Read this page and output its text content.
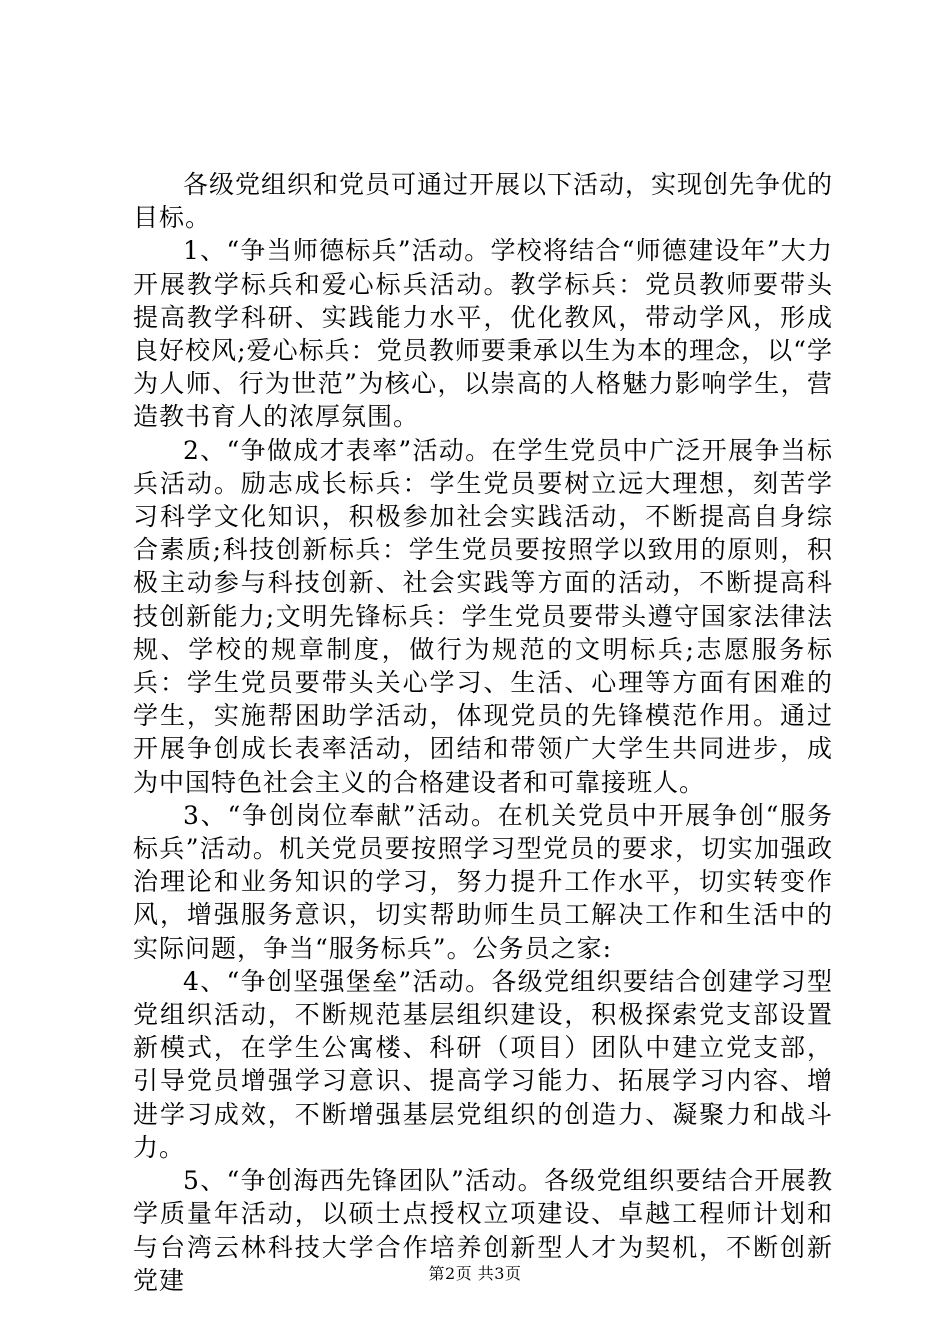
各级党组织和党员可通过开展以下活动，实现创先争优的目标。

1、“争当师德标兵”活动。学校将结合“师德建设年”大力开展教学标兵和爱心标兵活动。教学标兵：党员教师要带头提高教学科研、实践能力水平，优化教风，带动学风，形成良好校风;爱心标兵：党员教师要秉承以生为本的理念，以“学为人师、行为世范”为核心，以崇高的人格魅力影响学生，营造教书育人的浓厚氛围。

2、“争做成才表率”活动。在学生党员中广泛开展争当标兵活动。励志成长标兵：学生党员要树立远大理想，刻苦学习科学文化知识，积极参加社会实践活动，不断提高自身综合素质;科技创新标兵：学生党员要按照学以致用的原则，积极主动参与科技创新、社会实践等方面的活动，不断提高科技创新能力;文明先锋标兵：学生党员要带头遵守国家法律法规、学校的规章制度，做行为规范的文明标兵;志愿服务标兵：学生党员要带头关心学习、生活、心理等方面有困难的学生，实施帮困助学活动，体现党员的先锋模范作用。通过开展争创成长表率活动，团结和带领广大学生共同进步，成为中国特色社会主义的合格建设者和可靠接班人。

3、“争创岗位奉献”活动。在机关党员中开展争创“服务标兵”活动。机关党员要按照学习型党员的要求，切实加强政治理论和业务知识的学习，努力提升工作水平，切实转变作风，增强服务意识，切实帮助师生员工解决工作和生活中的实际问题，争当“服务标兵”。公务员之家:

4、“争创坚强堡垒”活动。各级党组织要结合创建学习型党组织活动，不断规范基层组织建设，积极探索党支部设置新模式，在学生公寓楼、科研（项目）团队中建立党支部，引导党员增强学习意识、提高学习能力、拓展学习内容、增进学习成效，不断增强基层党组织的创造力、凝聚力和战斗力。

5、“争创海西先锋团队”活动。各级党组织要结合开展教学质量年活动，以硕士点授权立项建设、卓越工程师计划和与台湾云林科技大学合作培养创新型人才为契机，不断创新党建	第2页 共3页
